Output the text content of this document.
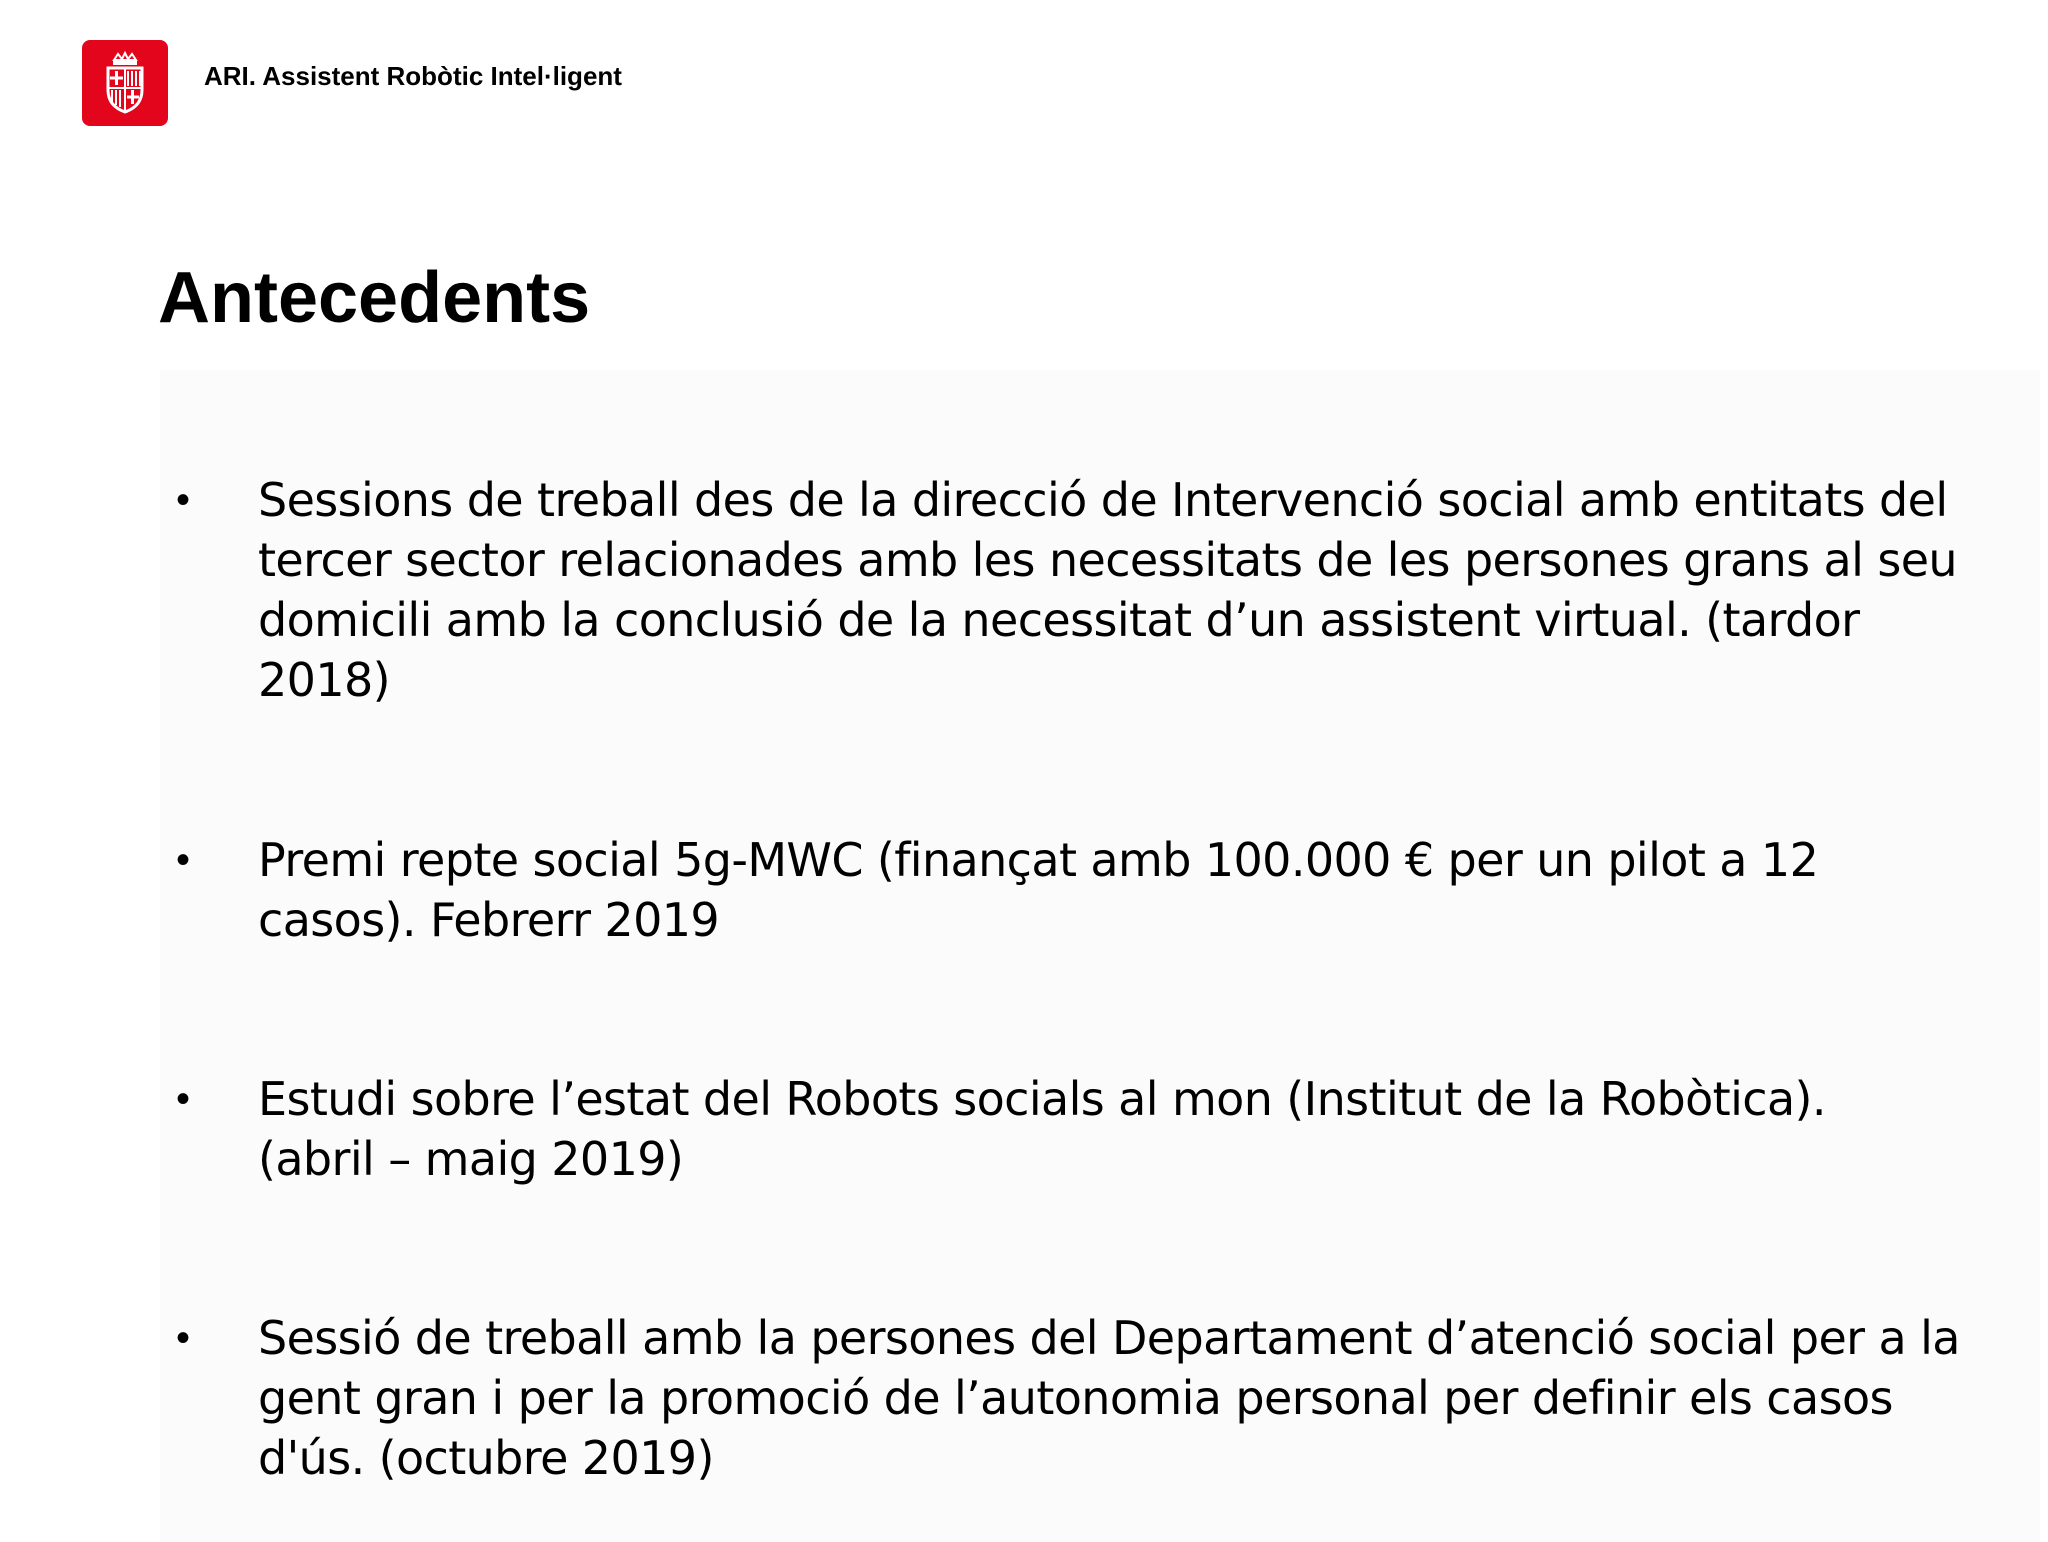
ARI. Assistent Robòtic Intel·ligent
Antecedents
•	Sessions de treball des de la direcció de Intervenció social amb entitats del
tercer sector relacionades amb les necessitats de les persones grans al seu
domicili amb la conclusió de la necessitat d’un assistent virtual. (tardor
2018)
•	Premi repte social 5g-MWC (finançat amb 100.000 € per un pilot a 12
casos). Febrerr 2019
•	Estudi sobre l’estat del Robots socials al mon (Institut de la Robòtica).
(abril – maig 2019)
•	Sessió de treball amb la persones del Departament d’atenció social per a la
gent gran i per la promoció de l’autonomia personal per definir els casos
d'ús. (octubre 2019)
